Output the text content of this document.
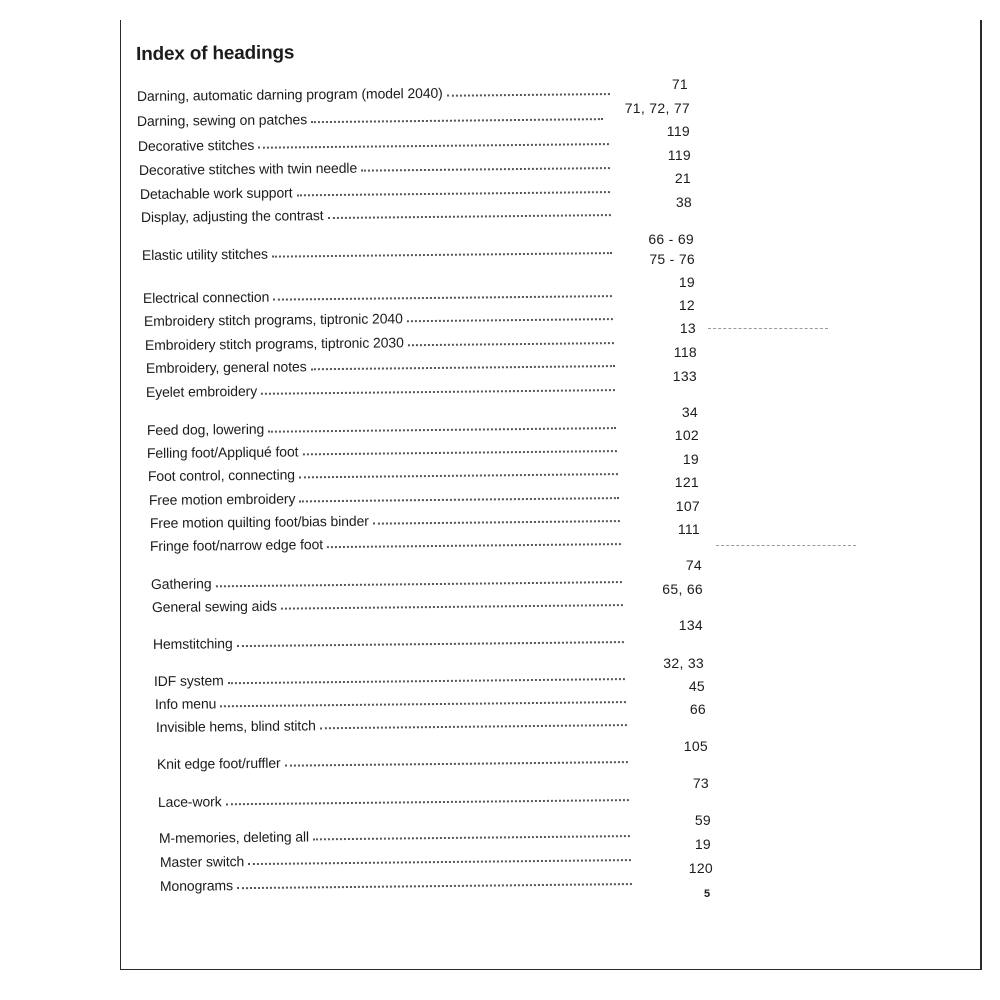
Index of headings
Darning, automatic darning program (model 2040)
Darning, sewing on patches
Decorative stitches
Decorative stitches with twin needle
Detachable work support
Display, adjusting the contrast
Elastic utility stitches
Electrical connection
Embroidery stitch programs, tiptronic 2040
Embroidery stitch programs, tiptronic 2030
Embroidery, general notes
Eyelet embroidery
Feed dog, lowering
Felling foot/Appliqué foot
Foot control, connecting
Free motion embroidery
Free motion quilting foot/bias binder
Fringe foot/narrow edge foot
Gathering
General sewing aids
Hemstitching
IDF system
Info menu
Invisible hems, blind stitch
Knit edge foot/ruffler
Lace-work
M-memories, deleting all
Master switch
Monograms
71
71, 72, 77
119
119
21
38
66 - 69
75 - 76
19
12
13
118
133
34
102
19
121
107
111
74
65, 66
134
32, 33
45
66
105
73
59
19
120
5
